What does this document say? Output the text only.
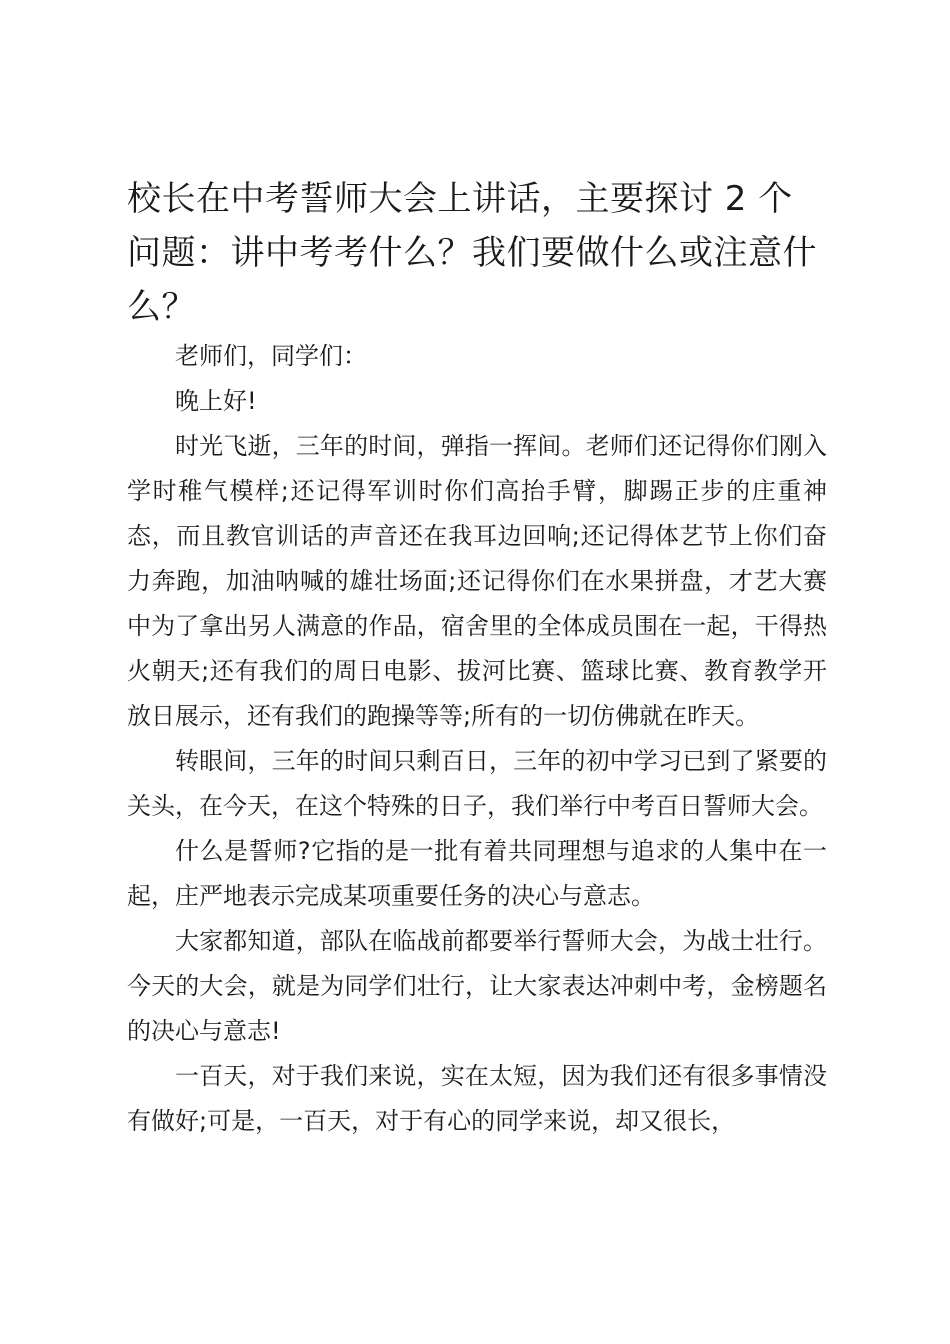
校长在中考誓师大会上讲话，主要探讨 2 个问题：讲中考考什么？我们要做什么或注意什么？

老师们，同学们：

晚上好!

时光飞逝，三年的时间，弹指一挥间。老师们还记得你们刚入学时稚气模样;还记得军训时你们高抬手臂，脚踢正步的庄重神态，而且教官训话的声音还在我耳边回响;还记得体艺节上你们奋力奔跑，加油呐喊的雄壮场面;还记得你们在水果拼盘，才艺大赛中为了拿出另人满意的作品，宿舍里的全体成员围在一起，干得热火朝天;还有我们的周日电影、拔河比赛、篮球比赛、教育教学开放日展示，还有我们的跑操等等;所有的一切仿佛就在昨天。

转眼间，三年的时间只剩百日，三年的初中学习已到了紧要的关头，在今天，在这个特殊的日子，我们举行中考百日誓师大会。

什么是誓师?它指的是一批有着共同理想与追求的人集中在一起，庄严地表示完成某项重要任务的决心与意志。

大家都知道，部队在临战前都要举行誓师大会，为战士壮行。今天的大会，就是为同学们壮行，让大家表达冲刺中考，金榜题名的决心与意志!

一百天，对于我们来说，实在太短，因为我们还有很多事情没有做好;可是，一百天，对于有心的同学来说，却又很长，
